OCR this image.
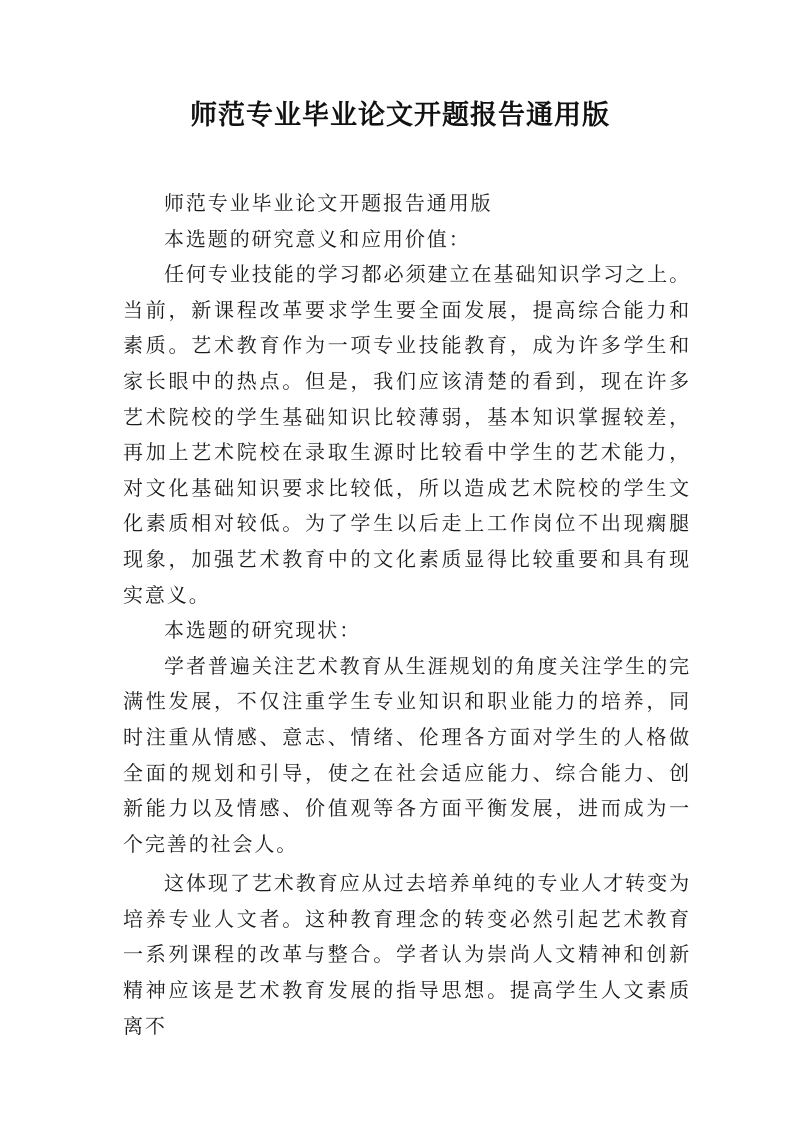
师范专业毕业论文开题报告通用版

师范专业毕业论文开题报告通用版

本选题的研究意义和应用价值：

任何专业技能的学习都必须建立在基础知识学习之上。当前，新课程改革要求学生要全面发展，提高综合能力和素质。艺术教育作为一项专业技能教育，成为许多学生和家长眼中的热点。但是，我们应该清楚的看到，现在许多艺术院校的学生基础知识比较薄弱，基本知识掌握较差，再加上艺术院校在录取生源时比较看中学生的艺术能力，对文化基础知识要求比较低，所以造成艺术院校的学生文化素质相对较低。为了学生以后走上工作岗位不出现瘸腿现象，加强艺术教育中的文化素质显得比较重要和具有现实意义。

本选题的研究现状：

学者普遍关注艺术教育从生涯规划的角度关注学生的完满性发展，不仅注重学生专业知识和职业能力的培养，同时注重从情感、意志、情绪、伦理各方面对学生的人格做全面的规划和引导，使之在社会适应能力、综合能力、创新能力以及情感、价值观等各方面平衡发展，进而成为一个完善的社会人。

这体现了艺术教育应从过去培养单纯的专业人才转变为培养专业人文者。这种教育理念的转变必然引起艺术教育一系列课程的改革与整合。学者认为崇尚人文精神和创新精神应该是艺术教育发展的指导思想。提高学生人文素质离不
